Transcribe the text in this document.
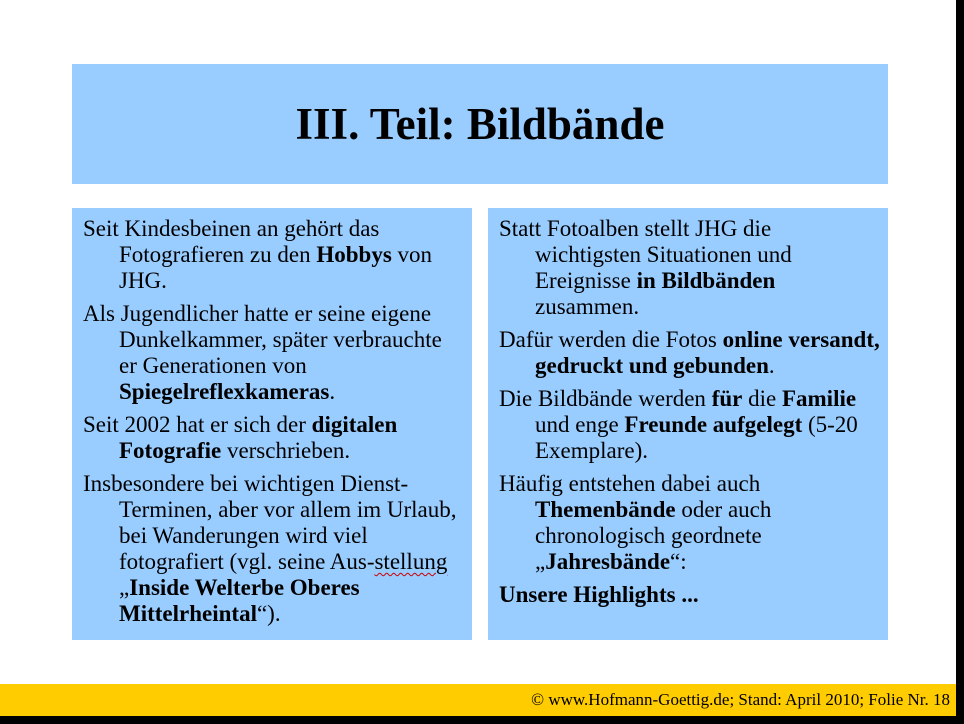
III. Teil: Bildbände

Seit Kindesbeinen an gehört das Fotografieren zu den Hobbys von JHG.

Als Jugendlicher hatte er seine eigene Dunkelkammer, später verbrauchte er Generationen von Spiegelreflexkameras.

Seit 2002 hat er sich der digitalen Fotografie verschrieben.

Insbesondere bei wichtigen Dienst-Terminen, aber vor allem im Urlaub, bei Wanderungen wird viel fotografiert (vgl. seine Aus-stellung „Inside Welterbe Oberes Mittelrheintal“).

Statt Fotoalben stellt JHG die wichtigsten Situationen und Ereignisse in Bildbänden zusammen.

Dafür werden die Fotos online versandt, gedruckt und gebunden.

Die Bildbände werden für die Familie und enge Freunde aufgelegt (5-20 Exemplare).

Häufig entstehen dabei auch Themenbände oder auch chronologisch geordnete „Jahresbände“:

Unsere Highlights ...

© www.Hofmann-Goettig.de; Stand: April 2010; Folie Nr. 18
